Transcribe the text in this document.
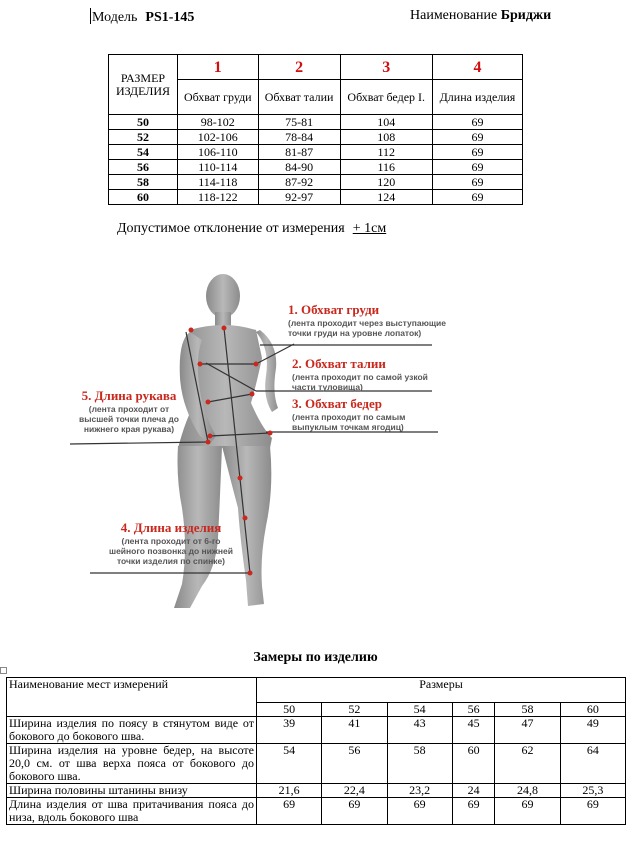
Модель PS1-145	Наименование Бриджи
РАЗМЕР ИЗДЕЛИЯ	1	2	3	4
	Обхват груди	Обхват талии	Обхват бедер I.	Длина изделия
50	98-102	75-81	104	69
52	102-106	78-84	108	69
54	106-110	81-87	112	69
56	110-114	84-90	116	69
58	114-118	87-92	120	69
60	118-122	92-97	124	69
Допустимое отклонение от измерения + 1см
1. Обхват груди
(лента проходит через выступающие точки груди на уровне лопаток)
2. Обхват талии
(лента проходит по самой узкой части туловища)
3. Обхват бедер
(лента проходит по самым выпуклым точкам ягодиц)
4. Длина изделия
(лента проходит от 6-го шейного позвонка до нижней точки изделия по спинке)
5. Длина рукава
(лента проходит от высшей точки плеча до нижнего края рукава)
Замеры по изделию
Наименование мест измерений	Размеры					
	50	52	54	56	58	60
Ширина изделия по поясу в стянутом виде от бокового до бокового шва.	39	41	43	45	47	49
Ширина изделия на уровне бедер, на высоте 20,0 см. от шва верха пояса от бокового до бокового шва.	54	56	58	60	62	64
Ширина половины штанины внизу	21,6	22,4	23,2	24	24,8	25,3
Длина изделия от шва притачивания пояса до низа, вдоль бокового шва	69	69	69	69	69	69
